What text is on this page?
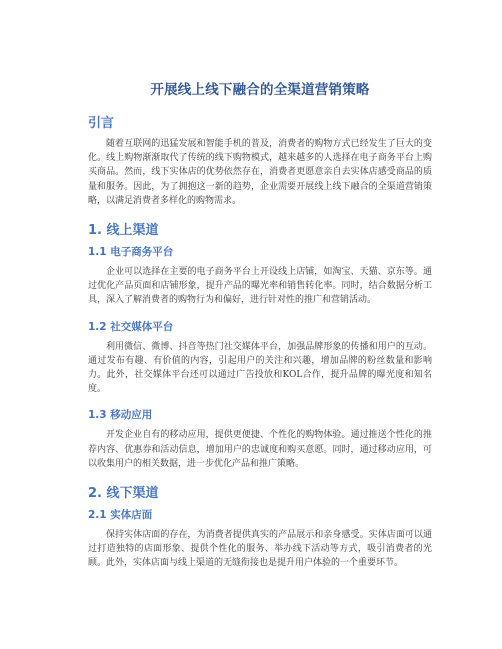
开展线上线下融合的全渠道营销策略
引言

随着互联网的迅猛发展和智能手机的普及，消费者的购物方式已经发生了巨大的变化。线上购物渐渐取代了传统的线下购物模式，越来越多的人选择在电子商务平台上购买商品。然而，线下实体店的优势依然存在，消费者更愿意亲自去实体店感受商品的质量和服务。因此，为了拥抱这一新的趋势，企业需要开展线上线下融合的全渠道营销策略，以满足消费者多样化的购物需求。

1. 线上渠道
1.1 电子商务平台

企业可以选择在主要的电子商务平台上开设线上店铺，如淘宝、天猫、京东等。通过优化产品页面和店铺形象，提升产品的曝光率和销售转化率。同时，结合数据分析工具，深入了解消费者的购物行为和偏好，进行针对性的推广和营销活动。

1.2 社交媒体平台

利用微信、微博、抖音等热门社交媒体平台，加强品牌形象的传播和用户的互动。通过发布有趣、有价值的内容，引起用户的关注和兴趣，增加品牌的粉丝数量和影响力。此外，社交媒体平台还可以通过广告投放和KOL合作，提升品牌的曝光度和知名度。

1.3 移动应用

开发企业自有的移动应用，提供更便捷、个性化的购物体验。通过推送个性化的推荐内容、优惠券和活动信息，增加用户的忠诚度和购买意愿。同时，通过移动应用，可以收集用户的相关数据，进一步优化产品和推广策略。

2. 线下渠道
2.1 实体店面

保持实体店面的存在，为消费者提供真实的产品展示和亲身感受。实体店面可以通过打造独特的店面形象、提供个性化的服务、举办线下活动等方式，吸引消费者的光顾。此外，实体店面与线上渠道的无缝衔接也是提升用户体验的一个重要环节。
